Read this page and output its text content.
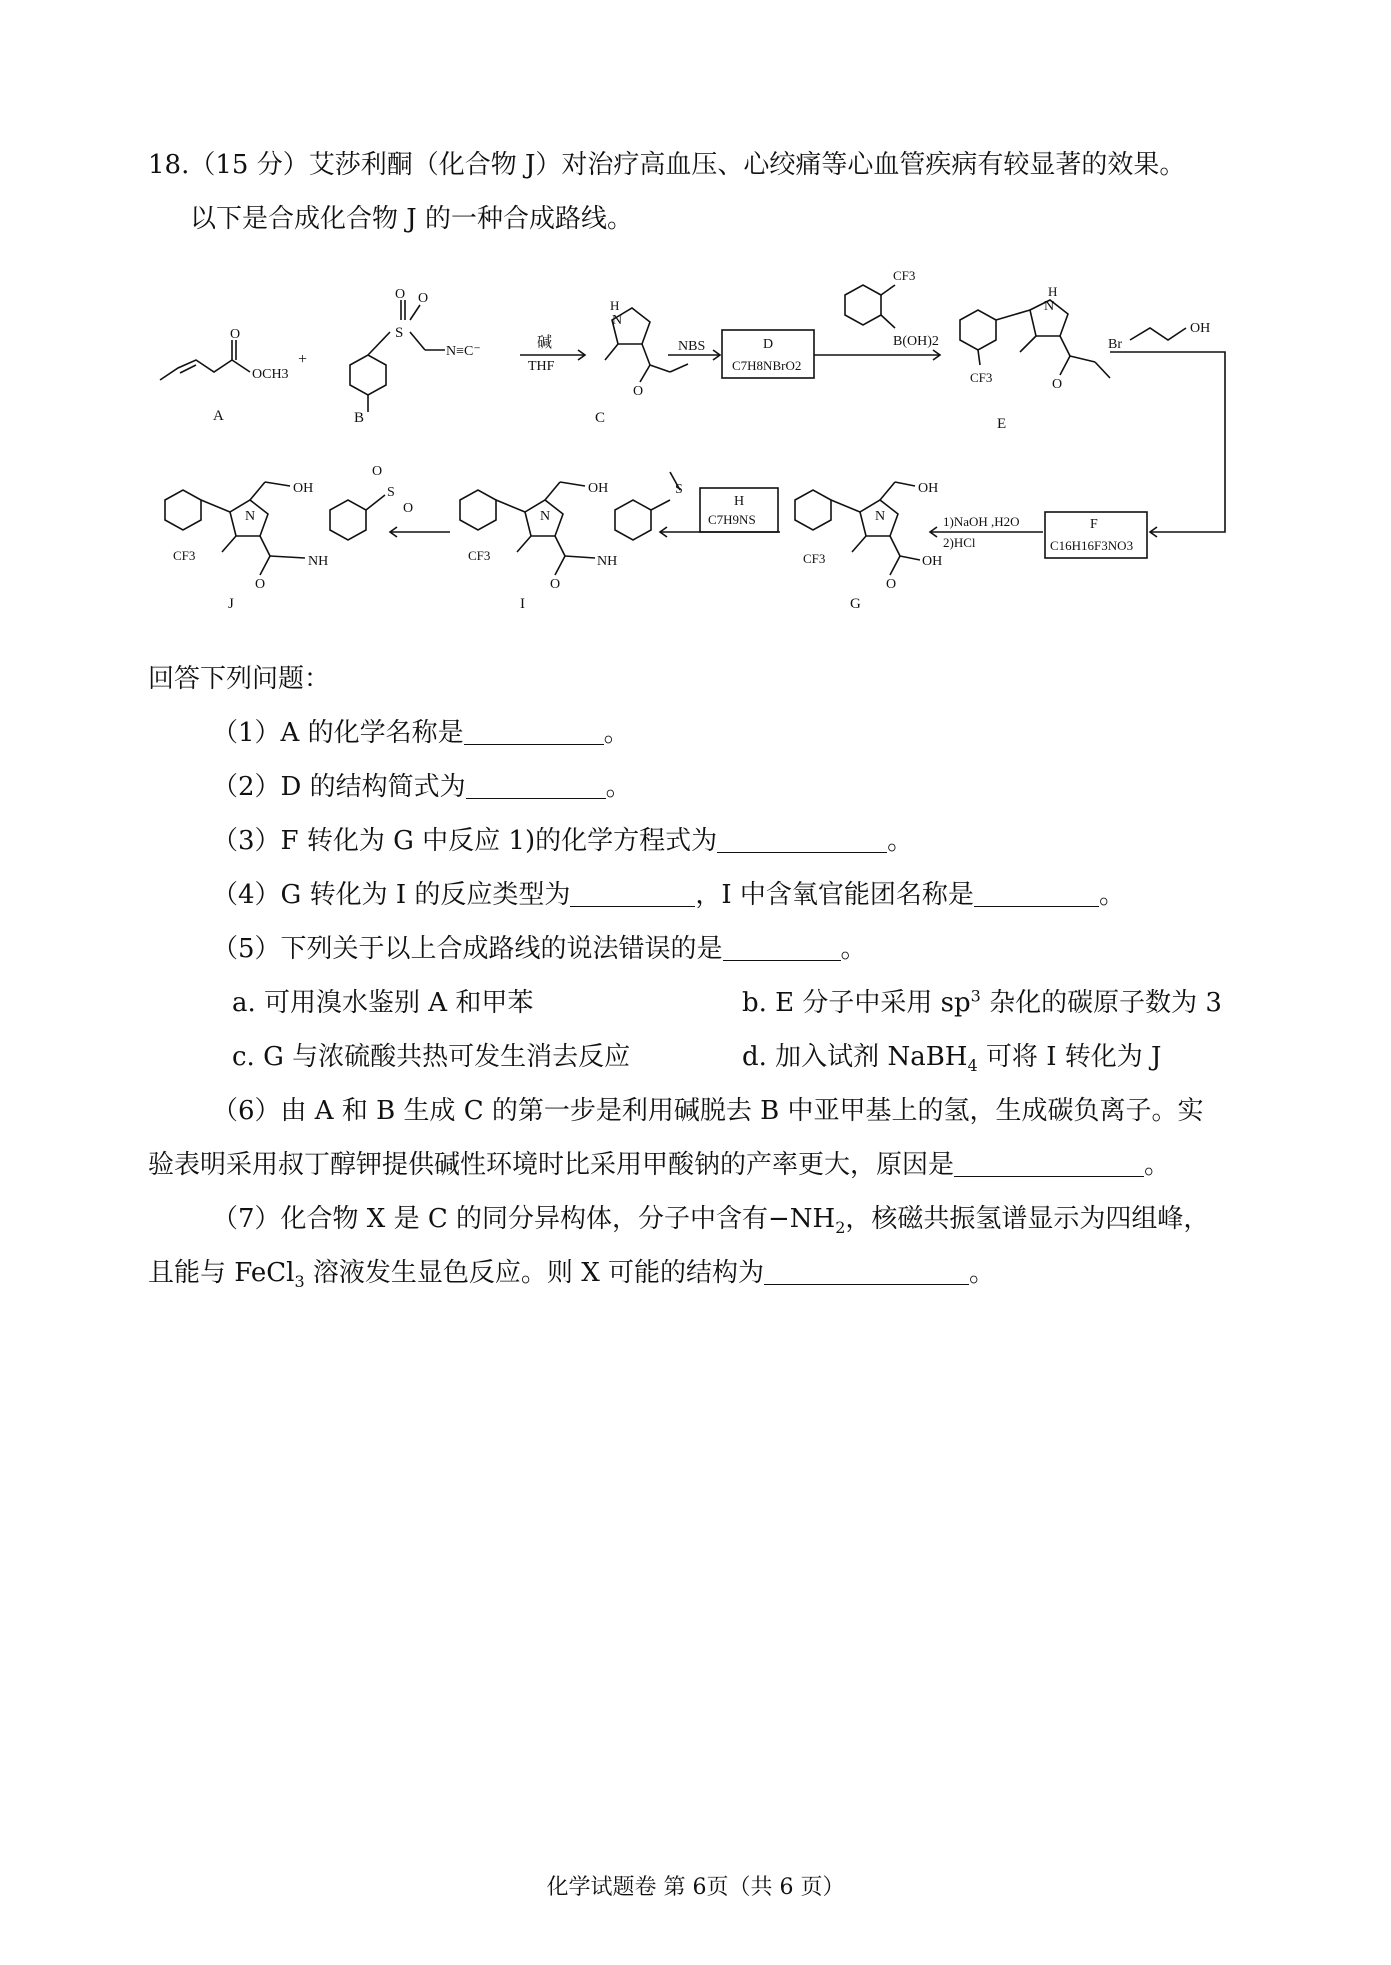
18.（15 分）艾莎利酮（化合物 J）对治疗高血压、心绞痛等心血管疾病有较显著的效果。
以下是合成化合物 J 的一种合成路线。
O
OCH3
A
+
S
O O
N≡C⁻
B
碱
THF
H
N
O
C
NBS	D
C7H8NBrO2
CF3
B(OH)2
H
N
CF3	O
E
Br
OH
F
C16H16F3NO3
1)NaOH ,H2O
2)HCl
OH
N
CF3	OH
O
G
H
C7H9NS
OH
N
CF3	NH
S
O
I
OH
N
CF3	NH
S
O
O
O
J
回答下列问题：
（1）A 的化学名称是	。
（2）D 的结构简式为	。
（3）F 转化为 G 中反应 1)的化学方程式为	。
（4）G 转化为 I 的反应类型为	，I 中含氧官能团名称是	。
（5）下列关于以上合成路线的说法错误的是	。
a. 可用溴水鉴别 A 和甲苯	b. E 分子中采用 $sp^3$ 杂化的碳原子数为 3
c. G 与浓硫酸共热可发生消去反应	d. 加入试剂 NaBH$_4$ 可将 I 转化为 J
（6）由 A 和 B 生成 C 的第一步是利用碱脱去 B 中亚甲基上的氢，生成碳负离子。实
验表明采用叔丁醇钾提供碱性环境时比采用甲酸钠的产率更大，原因是	。
（7）化合物 X 是 C 的同分异构体，分子中含有$-NH_2$，核磁共振氢谱显示为四组峰，
且能与 FeCl$_3$ 溶液发生显色反应。则 X 可能的结构为	。
化学试题卷 第 6页（共 6 页）
